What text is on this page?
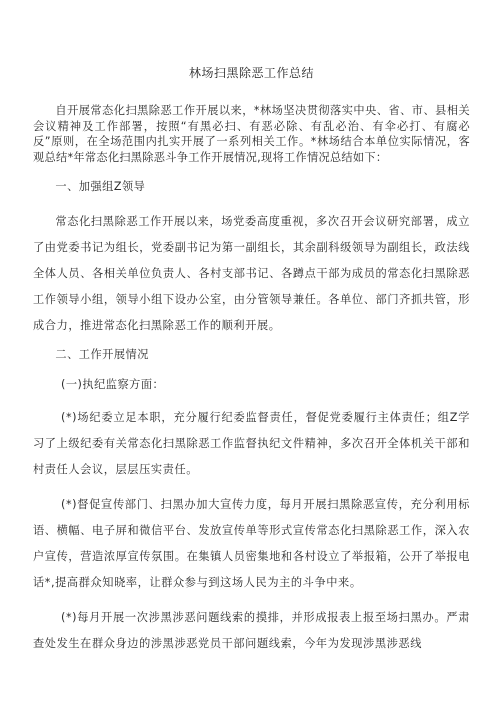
林场扫黑除恶工作总结

自开展常态化扫黑除恶工作开展以来，*林场坚决贯彻落实中央、省、市、县相关会议精神及工作部署，按照“有黑必扫、有恶必除、有乱必治、有伞必打、有腐必反”原则，在全场范围内扎实开展了一系列相关工作。*林场结合本单位实际情况，客观总结*年常态化扫黑除恶斗争工作开展情况,现将工作情况总结如下：

一、加强组Z领导

常态化扫黑除恶工作开展以来，场党委高度重视，多次召开会议研究部署，成立了由党委书记为组长，党委副书记为第一副组长，其余副科级领导为副组长，政法线全体人员、各相关单位负责人、各村支部书记、各蹲点干部为成员的常态化扫黑除恶工作领导小组，领导小组下设办公室，由分管领导兼任。各单位、部门齐抓共管，形成合力，推进常态化扫黑除恶工作的顺利开展。

二、工作开展情况

(一)执纪监察方面：

(*)场纪委立足本职，充分履行纪委监督责任，督促党委履行主体责任；组Z学习了上级纪委有关常态化扫黑除恶工作监督执纪文件精神，多次召开全体机关干部和村责任人会议，层层压实责任。

(*)督促宣传部门、扫黑办加大宣传力度，每月开展扫黑除恶宣传，充分利用标语、横幅、电子屏和微信平台、发放宣传单等形式宣传常态化扫黑除恶工作，深入农户宣传，营造浓厚宣传氛围。在集镇人员密集地和各村设立了举报箱，公开了举报电话*,提高群众知晓率，让群众参与到这场人民为主的斗争中来。

(*)每月开展一次涉黑涉恶问题线索的摸排，并形成报表上报至场扫黑办。严肃查处发生在群众身边的涉黑涉恶党员干部问题线索，今年为发现涉黑涉恶线
